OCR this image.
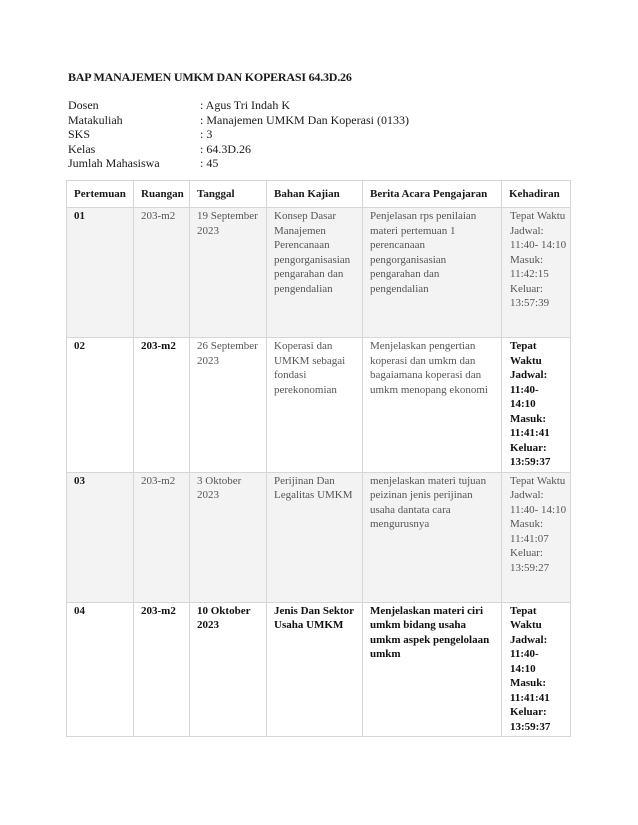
BAP MANAJEMEN UMKM DAN KOPERASI 64.3D.26
Dosen	: Agus Tri Indah K
Matakuliah	: Manajemen UMKM Dan Koperasi (0133)
SKS	: 3
Kelas	: 64.3D.26
Jumlah Mahasiswa	: 45
Pertemuan	Ruangan	Tanggal	Bahan Kajian	Berita Acara Pengajaran	Kehadiran
01	203-m2	19 September 2023	Konsep Dasar Manajemen Perencanaan pengorganisasian pengarahan dan pengendalian	Penjelasan rps penilaian materi pertemuan 1 perencanaan pengorganisasian pengarahan dan pengendalian	Tepat Waktu
Jadwal: 11:40- 14:10
Masuk: 11:42:15
Keluar: 13:57:39

02	203-m2	26 September 2023	Koperasi dan UMKM sebagai fondasi perekonomian	Menjelaskan pengertian koperasi dan umkm dan bagaiamana koperasi dan umkm menopang ekonomi	Tepat Waktu
Jadwal: 11:40- 14:10
Masuk: 11:41:41
Keluar: 13:59:37

03	203-m2	3 Oktober 2023	Perijinan Dan Legalitas UMKM	menjelaskan materi tujuan peizinan jenis perijinan usaha dantata cara mengurusnya	Tepat Waktu
Jadwal: 11:40- 14:10
Masuk: 11:41:07
Keluar: 13:59:27

04	203-m2	10 Oktober 2023	Jenis Dan Sektor Usaha UMKM	Menjelaskan materi ciri umkm bidang usaha umkm aspek pengelolaan umkm	Tepat Waktu
Jadwal: 11:40- 14:10
Masuk: 11:41:41
Keluar: 13:59:37
